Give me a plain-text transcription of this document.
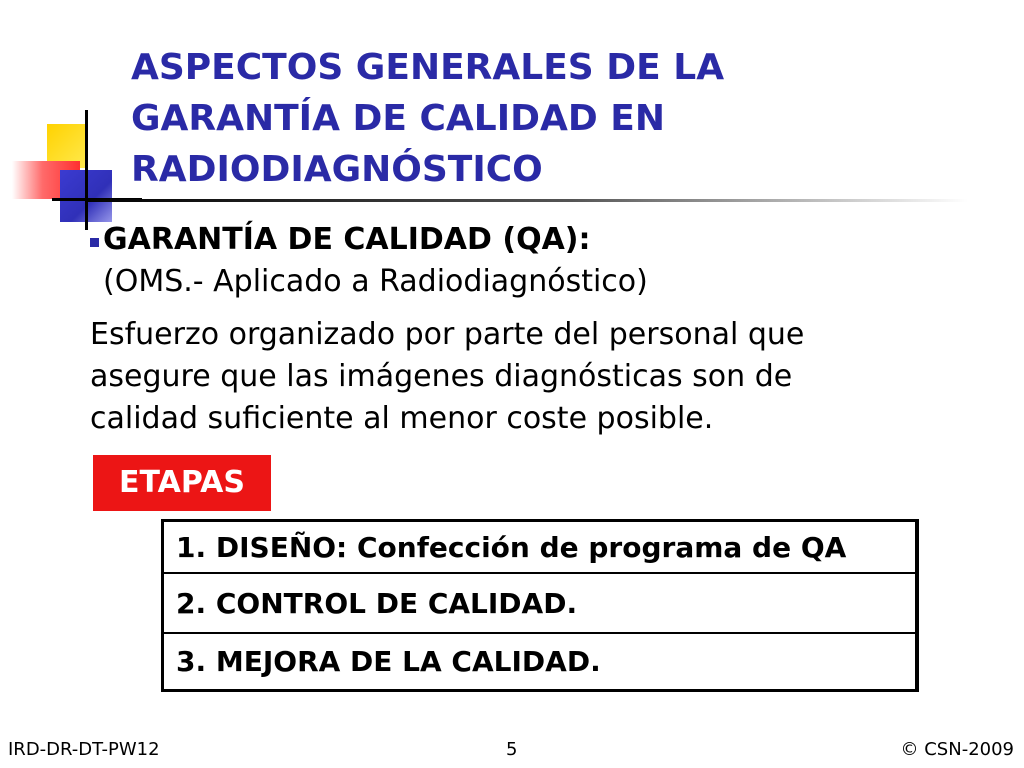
ASPECTOS GENERALES DE LA
GARANTÍA DE CALIDAD EN
RADIODIAGNÓSTICO
GARANTÍA DE CALIDAD (QA):
(OMS.- Aplicado a Radiodiagnóstico)
Esfuerzo organizado por parte del personal que
asegure que las imágenes diagnósticas son de
calidad suficiente al menor coste posible.
ETAPAS
1. DISEÑO: Confección de programa de QA
2. CONTROL DE CALIDAD.
3. MEJORA DE LA CALIDAD.
IRD-DR-DT-PW12	5	© CSN-2009
